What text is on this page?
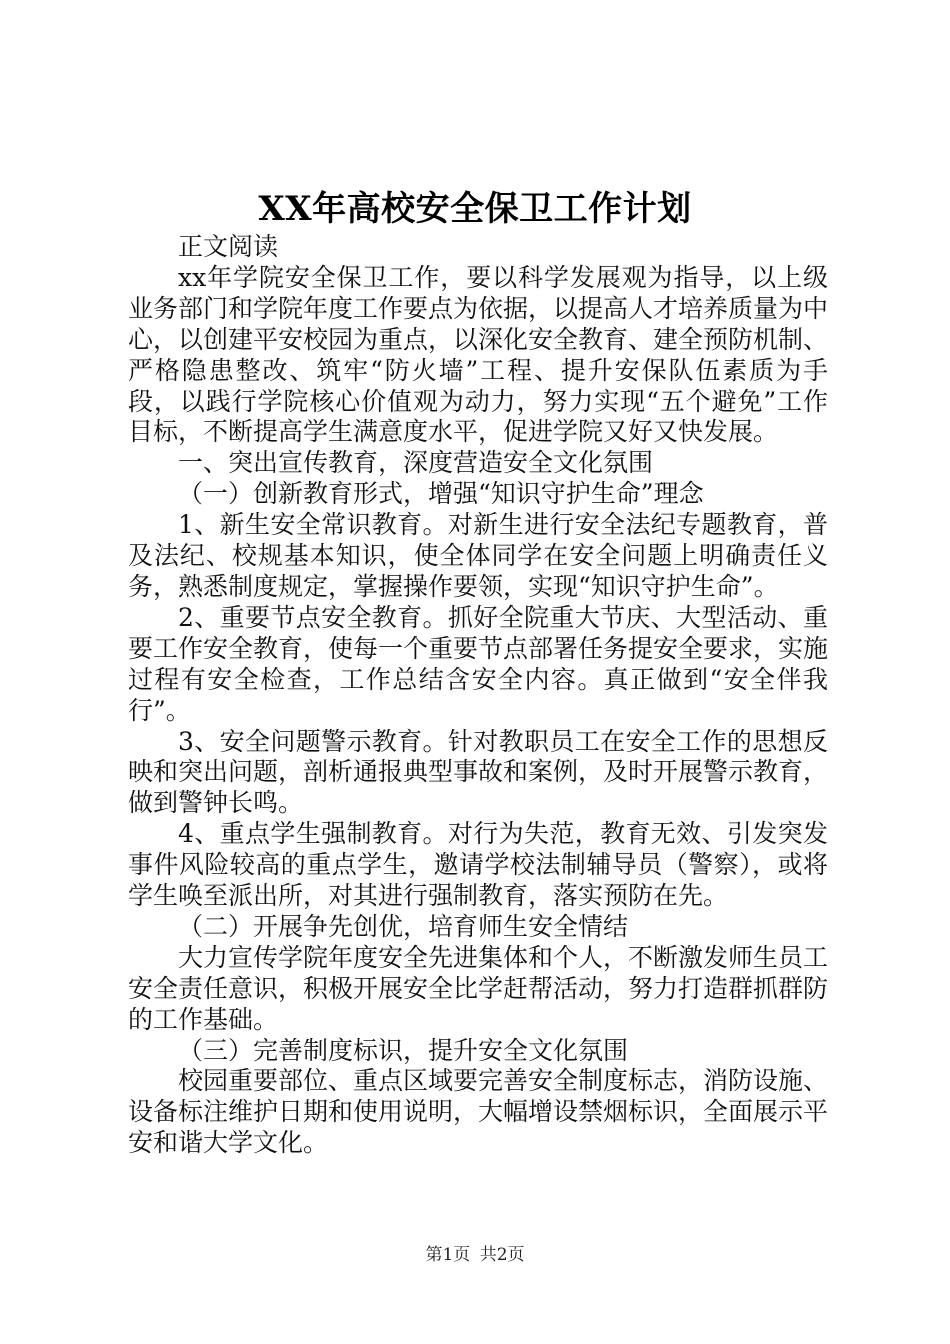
XX年高校安全保卫工作计划

正文阅读

xx年学院安全保卫工作，要以科学发展观为指导，以上级业务部门和学院年度工作要点为依据，以提高人才培养质量为中心，以创建平安校园为重点，以深化安全教育、建全预防机制、严格隐患整改、筑牢“防火墙”工程、提升安保队伍素质为手段，以践行学院核心价值观为动力，努力实现“五个避免”工作目标，不断提高学生满意度水平，促进学院又好又快发展。

一、突出宣传教育，深度营造安全文化氛围

（一）创新教育形式，增强“知识守护生命”理念

1、新生安全常识教育。对新生进行安全法纪专题教育，普及法纪、校规基本知识，使全体同学在安全问题上明确责任义务，熟悉制度规定，掌握操作要领，实现“知识守护生命”。

2、重要节点安全教育。抓好全院重大节庆、大型活动、重要工作安全教育，使每一个重要节点部署任务提安全要求，实施过程有安全检查，工作总结含安全内容。真正做到“安全伴我行”。

3、安全问题警示教育。针对教职员工在安全工作的思想反映和突出问题，剖析通报典型事故和案例，及时开展警示教育，做到警钟长鸣。

4、重点学生强制教育。对行为失范，教育无效、引发突发事件风险较高的重点学生，邀请学校法制辅导员（警察），或将学生唤至派出所，对其进行强制教育，落实预防在先。

（二）开展争先创优，培育师生安全情结

大力宣传学院年度安全先进集体和个人，不断激发师生员工安全责任意识，积极开展安全比学赶帮活动，努力打造群抓群防的工作基础。

（三）完善制度标识，提升安全文化氛围

校园重要部位、重点区域要完善安全制度标志，消防设施、设备标注维护日期和使用说明，大幅增设禁烟标识，全面展示平安和谐大学文化。

第1页 共2页
